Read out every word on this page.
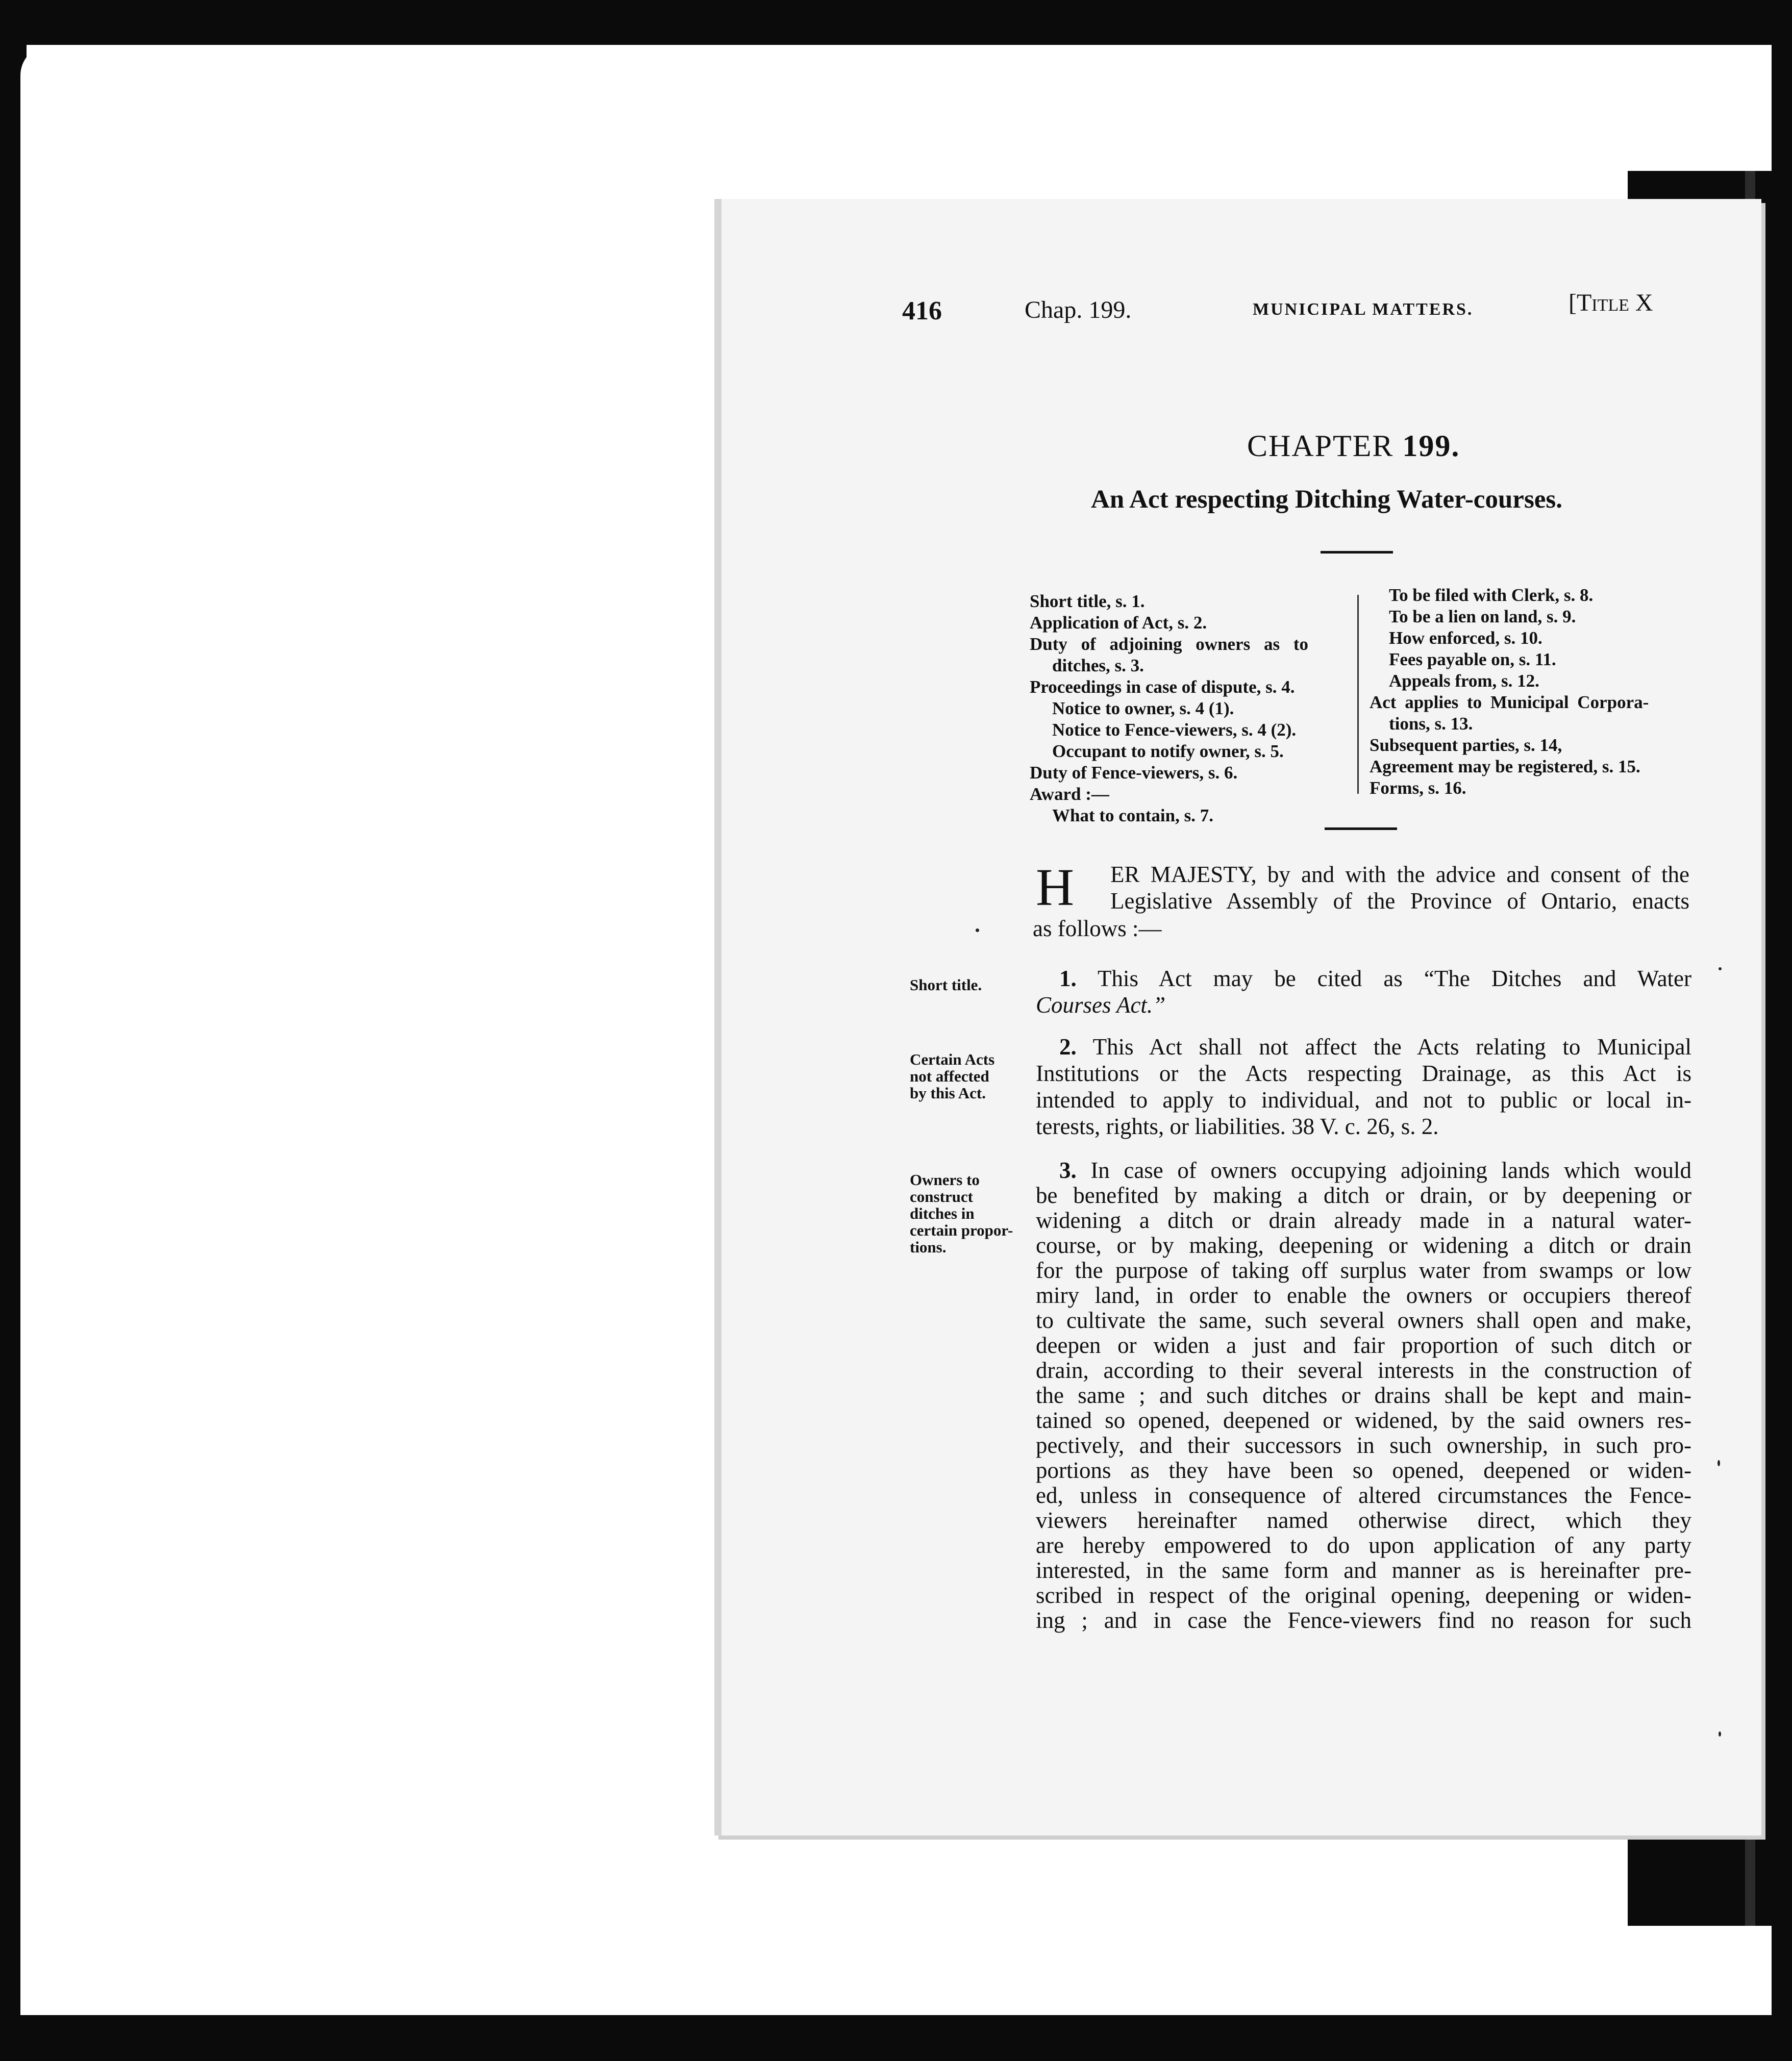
416	Chap. 199.	MUNICIPAL MATTERS.	[Title X
CHAPTER 199.
An Act respecting Ditching Water-courses.
Short title, s. 1.
Application of Act, s. 2.
Duty of adjoining owners as to
ditches, s. 3.
Proceedings in case of dispute, s. 4.
Notice to owner, s. 4 (1).
Notice to Fence-viewers, s. 4 (2).
Occupant to notify owner, s. 5.
Duty of Fence-viewers, s. 6.
Award :—
What to contain, s. 7.
To be filed with Clerk, s. 8.
To be a lien on land, s. 9.
How enforced, s. 10.
Fees payable on, s. 11.
Appeals from, s. 12.
Act applies to Municipal Corpora-
tions, s. 13.
Subsequent parties, s. 14,
Agreement may be registered, s. 15.
Forms, s. 16.
H ER MAJESTY, by and with the advice and consent of the
Legislative Assembly of the Province of Ontario, enacts
as follows :—
Short title.	1. This Act may be cited as “The Ditches and Water
Courses Act.”
Certain Acts
not affected
by this Act.
2. This Act shall not affect the Acts relating to Municipal
Institutions or the Acts respecting Drainage, as this Act is
intended to apply to individual, and not to public or local in-
terests, rights, or liabilities. 38 V. c. 26, s. 2.
Owners to
construct
ditches in
certain propor-
tions.
3. In case of owners occupying adjoining lands which would
be benefited by making a ditch or drain, or by deepening or
widening a ditch or drain already made in a natural water-
course, or by making, deepening or widening a ditch or drain
for the purpose of taking off surplus water from swamps or low
miry land, in order to enable the owners or occupiers thereof
to cultivate the same, such several owners shall open and make,
deepen or widen a just and fair proportion of such ditch or
drain, according to their several interests in the construction of
the same ; and such ditches or drains shall be kept and main-
tained so opened, deepened or widened, by the said owners res-
pectively, and their successors in such ownership, in such pro-
portions as they have been so opened, deepened or widen-
ed, unless in consequence of altered circumstances the Fence-
viewers hereinafter named otherwise direct, which they
are hereby empowered to do upon application of any party
interested, in the same form and manner as is hereinafter pre-
scribed in respect of the original opening, deepening or widen-
ing ; and in case the Fence-viewers find no reason for such
